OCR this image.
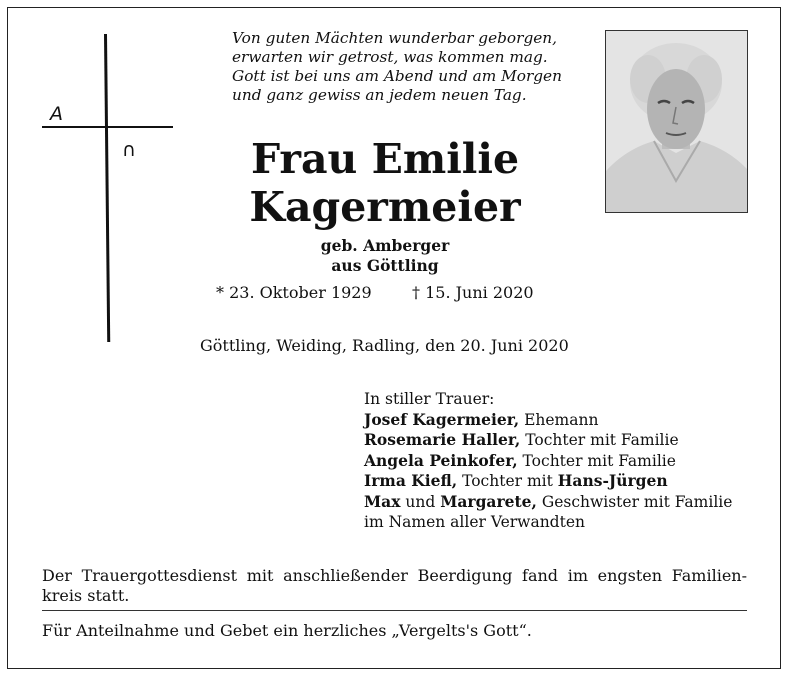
Von guten Mächten wunderbar geborgen,
erwarten wir getrost, was kommen mag.
Gott ist bei uns am Abend und am Morgen
und ganz gewiss an jedem neuen Tag.
A
∩	Frau Emilie
Kagermeier
geb. Amberger
aus Göttling
* 23. Oktober 1929	† 15. Juni 2020
Göttling, Weiding, Radling, den 20. Juni 2020
In stiller Trauer:
Josef Kagermeier, Ehemann
Rosemarie Haller, Tochter mit Familie
Angela Peinkofer, Tochter mit Familie
Irma Kiefl, Tochter mit Hans-Jürgen
Max und Margarete, Geschwister mit Familie
im Namen aller Verwandten
Der Trauergottesdienst mit anschließender Beerdigung fand im engsten Familien-kreis statt.
Für Anteilnahme und Gebet ein herzliches „Vergelts's Gott“.
